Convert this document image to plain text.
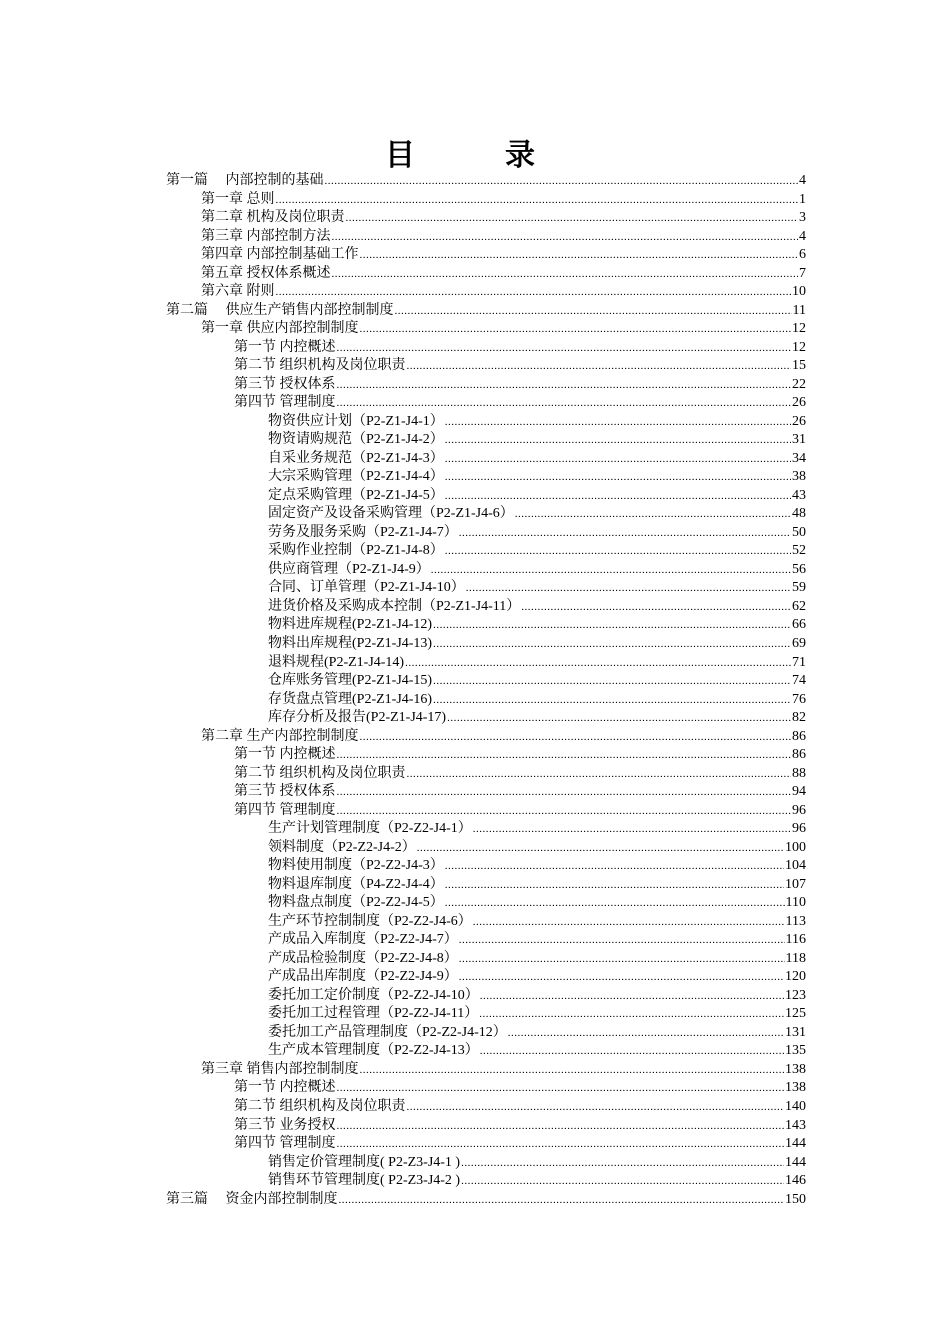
目　录
第一篇　 内部控制的基础 .....	4
第一章 总则 .....	1
第二章 机构及岗位职责 .....	3
第三章 内部控制方法 .....	4
第四章 内部控制基础工作 .....	6
第五章 授权体系概述 .....	7
第六章 附则 .....	10
第二篇　 供应生产销售内部控制制度 .....	11
第一章 供应内部控制制度 .....	12
第一节 内控概述 .....	12
第二节 组织机构及岗位职责 .....	15
第三节 授权体系 .....	22
第四节 管理制度 .....	26
物资供应计划（P2-Z1-J4-1） .....	26
物资请购规范（P2-Z1-J4-2） .....	31
自采业务规范（P2-Z1-J4-3） .....	34
大宗采购管理（P2-Z1-J4-4） .....	38
定点采购管理（P2-Z1-J4-5） .....	43
固定资产及设备采购管理（P2-Z1-J4-6） .....	48
劳务及服务采购（P2-Z1-J4-7） .....	50
采购作业控制（P2-Z1-J4-8） .....	52
供应商管理（P2-Z1-J4-9） .....	56
合同、订单管理（P2-Z1-J4-10） .....	59
进货价格及采购成本控制（P2-Z1-J4-11） .....	62
物料进库规程(P2-Z1-J4-12) .....	66
物料出库规程(P2-Z1-J4-13) .....	69
退料规程(P2-Z1-J4-14) .....	71
仓库账务管理(P2-Z1-J4-15) .....	74
存货盘点管理(P2-Z1-J4-16) .....	76
库存分析及报告(P2-Z1-J4-17) .....	82
第二章 生产内部控制制度 .....	86
第一节 内控概述 .....	86
第二节 组织机构及岗位职责 .....	88
第三节 授权体系 .....	94
第四节 管理制度 .....	96
生产计划管理制度（P2-Z2-J4-1） .....	96
领料制度（P2-Z2-J4-2） .....	100
物料使用制度（P2-Z2-J4-3） .....	104
物料退库制度（P4-Z2-J4-4） .....	107
物料盘点制度（P2-Z2-J4-5） .....	110
生产环节控制制度（P2-Z2-J4-6） .....	113
产成品入库制度（P2-Z2-J4-7） .....	116
产成品检验制度（P2-Z2-J4-8） .....	118
产成品出库制度（P2-Z2-J4-9） .....	120
委托加工定价制度（P2-Z2-J4-10） .....	123
委托加工过程管理（P2-Z2-J4-11） .....	125
委托加工产品管理制度（P2-Z2-J4-12） .....	131
生产成本管理制度（P2-Z2-J4-13） .....	135
第三章 销售内部控制制度 .....	138
第一节 内控概述 .....	138
第二节 组织机构及岗位职责 .....	140
第三节 业务授权 .....	143
第四节 管理制度 .....	144
销售定价管理制度( P2-Z3-J4-1 ) .....	144
销售环节管理制度( P2-Z3-J4-2 ) .....	146
第三篇　 资金内部控制制度 .....	150
